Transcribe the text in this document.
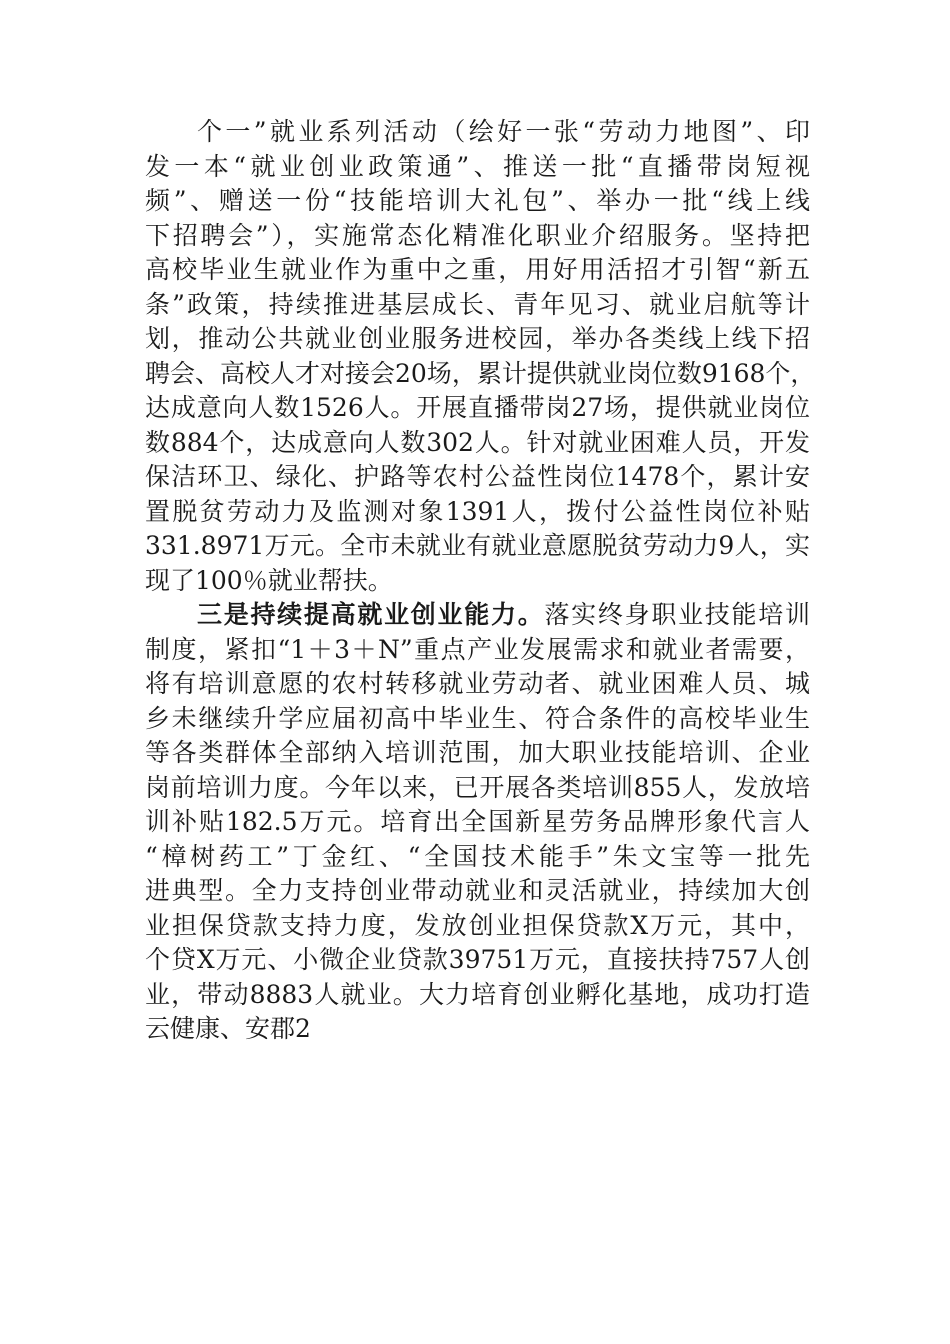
个一”就业系列活动（绘好一张“劳动力地图”、印
发一本“就业创业政策通”、推送一批“直播带岗短视
频”、赠送一份“技能培训大礼包”、举办一批“线上线
下招聘会”），实施常态化精准化职业介绍服务。坚持把
高校毕业生就业作为重中之重，用好用活招才引智“新五
条”政策，持续推进基层成长、青年见习、就业启航等计
划，推动公共就业创业服务进校园，举办各类线上线下招
聘会、高校人才对接会20场，累计提供就业岗位数9168个，
达成意向人数1526人。开展直播带岗27场，提供就业岗位
数884个，达成意向人数302人。针对就业困难人员，开发
保洁环卫、绿化、护路等农村公益性岗位1478个，累计安
置脱贫劳动力及监测对象1391人，拨付公益性岗位补贴
331.8971万元。全市未就业有就业意愿脱贫劳动力9人，实
现了100％就业帮扶。
三是持续提高就业创业能力。落实终身职业技能培训
制度，紧扣“1＋3＋N”重点产业发展需求和就业者需要，
将有培训意愿的农村转移就业劳动者、就业困难人员、城
乡未继续升学应届初高中毕业生、符合条件的高校毕业生
等各类群体全部纳入培训范围，加大职业技能培训、企业
岗前培训力度。今年以来，已开展各类培训855人，发放培
训补贴182.5万元。培育出全国新星劳务品牌形象代言人
“樟树药工”丁金红、“全国技术能手”朱文宝等一批先
进典型。全力支持创业带动就业和灵活就业，持续加大创
业担保贷款支持力度，发放创业担保贷款X万元，其中，
个贷X万元、小微企业贷款39751万元，直接扶持757人创
业，带动8883人就业。大力培育创业孵化基地，成功打造
云健康、安郡2
